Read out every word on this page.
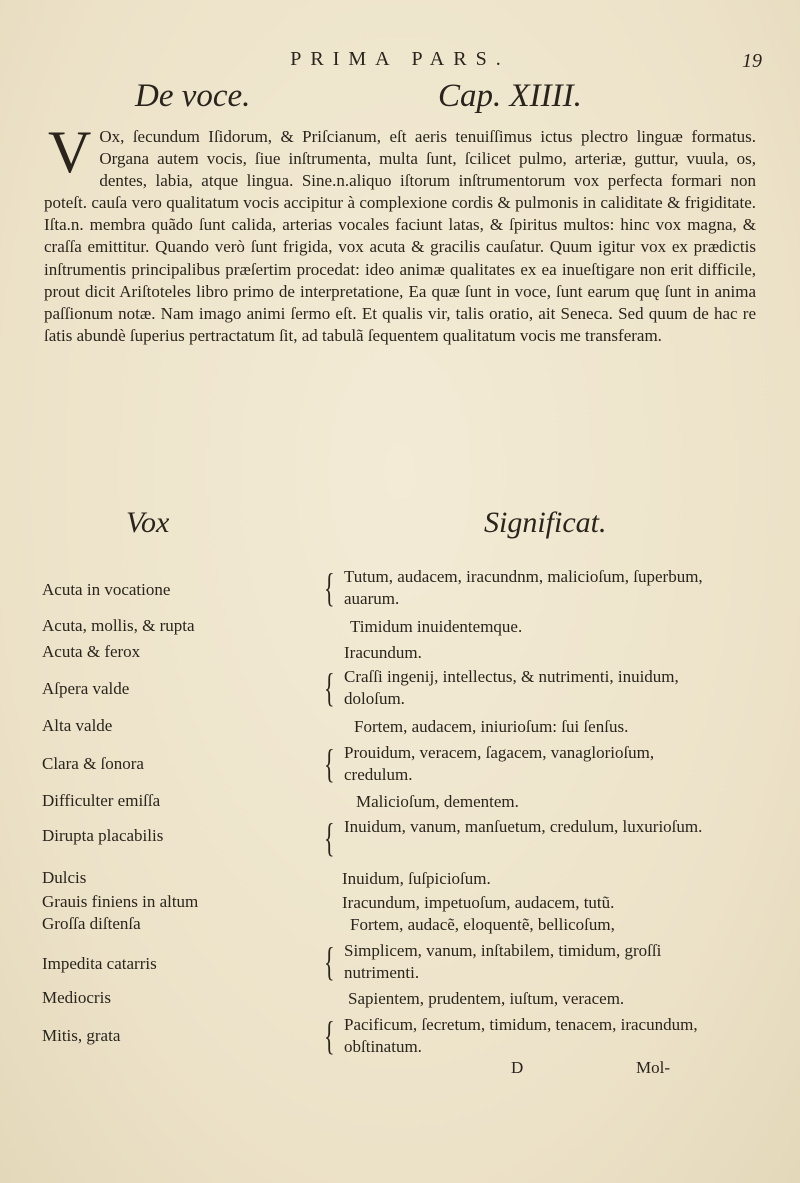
PRIMA PARS.	19
De voce.	Cap. XIIII.
V Ox, ſecundum Iſidorum, & Priſcianum, eſt aeris tenuiſſimus ictus plectro linguæ formatus. Organa autem vocis, ſiue inſtrumenta, multa ſunt, ſcilicet pulmo, arteriæ, guttur, vuula, os, dentes, labia, atque lingua. Sine.n.aliquo iſtorum inſtrumentorum vox perfecta formari non poteſt. cauſa vero qualitatum vocis accipitur à complexione cordis & pulmonis in caliditate & frigiditate. Iſta.n. membra quãdo ſunt calida, arterias vocales faciunt latas, & ſpiritus multos: hinc vox magna, & craſſa emittitur. Quando verò ſunt frigida, vox acuta & gracilis cauſatur. Quum igitur vox ex prædictis inſtrumentis principalibus præſertim procedat: ideo animæ qualitates ex ea inueſtigare non erit difficile, prout dicit Ariſtoteles libro primo de interpretatione, Ea quæ ſunt in voce, ſunt earum quę ſunt in anima paſſionum notæ. Nam imago animi ſermo eſt. Et qualis vir, talis oratio, ait Seneca. Sed quum de hac re ſatis abundè ſuperius pertractatum ſit, ad tabulã ſequentem qualitatum vocis me transferam.
Vox	Significat.
Acuta in vocatione	{ Tutum, audacem, iracundnm, malicioſum, ſuperbum, auarum.
Acuta, mollis, & rupta	Timidum inuidentemque.
Acuta & ferox	Iracundum.
Aſpera valde	{ Craſſi ingenij, intellectus, & nutrimenti, inuidum, doloſum.
Alta valde	Fortem, audacem, iniurioſum: ſui ſenſus.
Clara & ſonora	{ Prouidum, veracem, ſagacem, vanaglorioſum, credulum.
Difficulter emiſſa	Malicioſum, dementem.
Dirupta placabilis	{ Inuidum, vanum, manſuetum, credulum, luxurioſum.
Dulcis	Inuidum, ſuſpicioſum.
Grauis finiens in altum	Iracundum, impetuoſum, audacem, tutũ.
Groſſa diſtenſa	Fortem, audacẽ, eloquentẽ, bellicoſum,
Impedita catarris	{ Simplicem, vanum, inſtabilem, timidum, groſſi nutrimenti.
Mediocris	Sapientem, prudentem, iuſtum, veracem.
Mitis, grata	{ Pacificum, ſecretum, timidum, tenacem, iracundum, obſtinatum.
D	Mol-
